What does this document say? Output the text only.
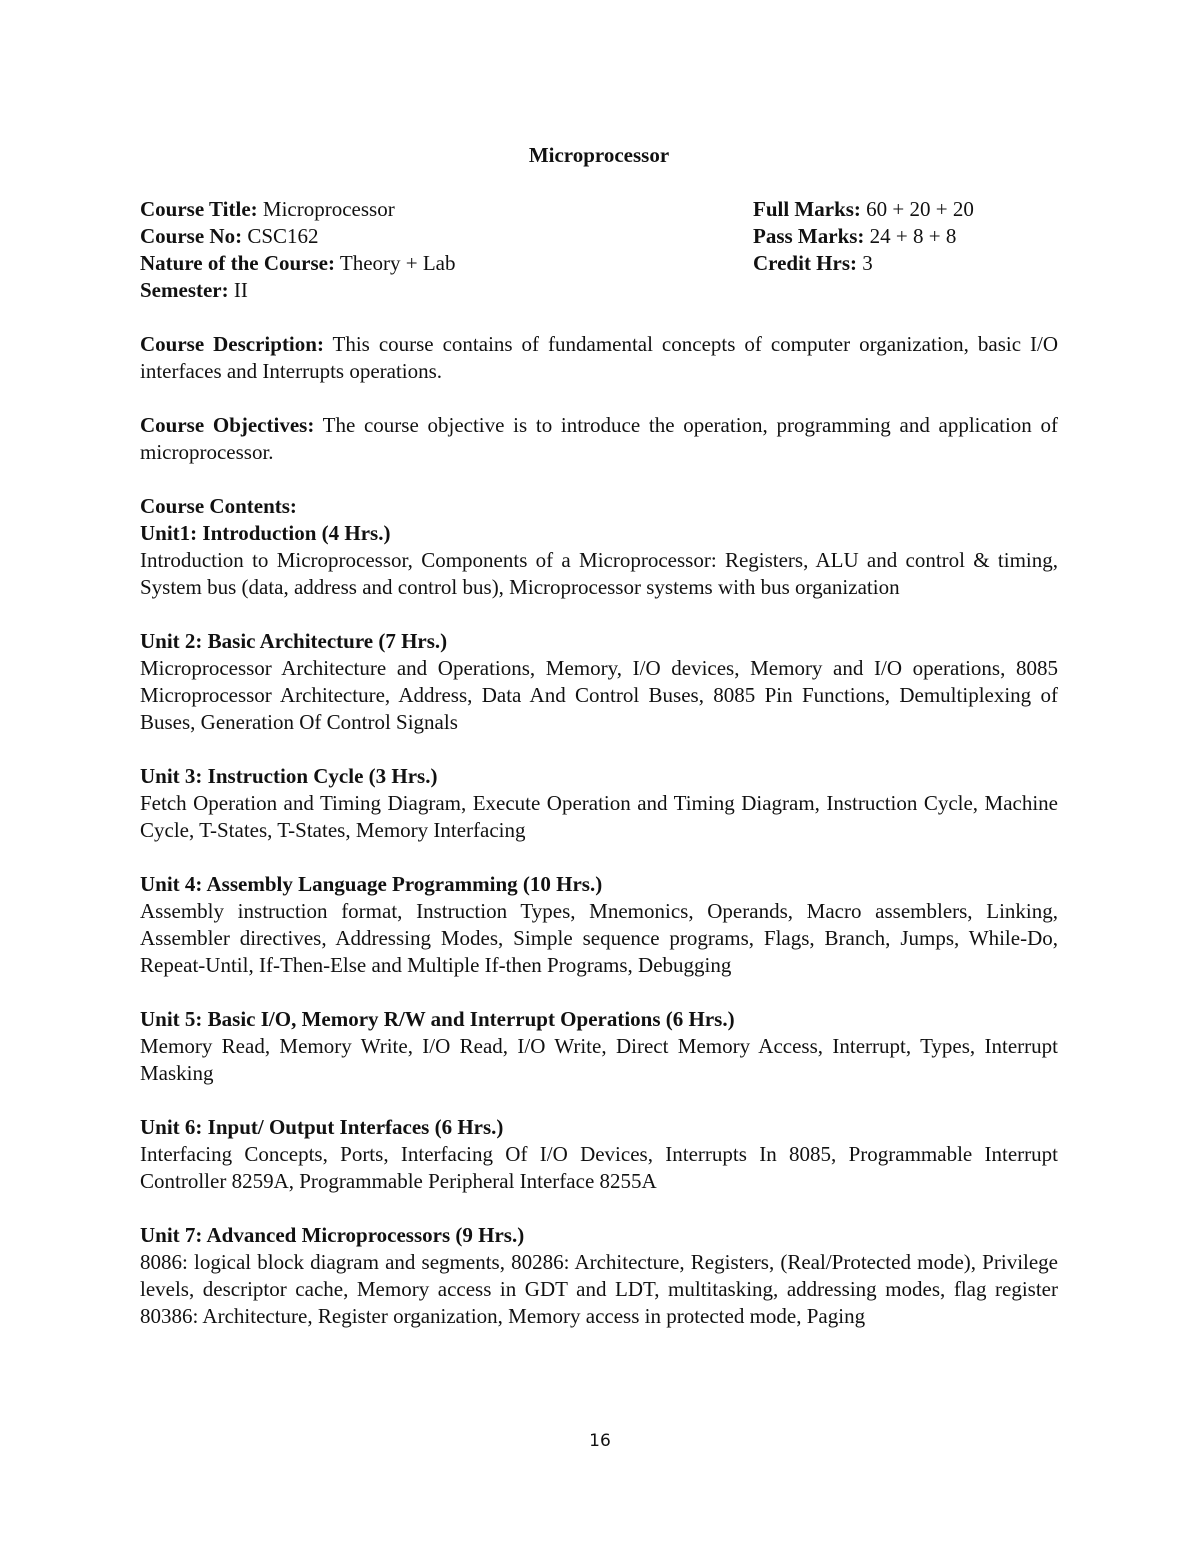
Microprocessor
Course Title: Microprocessor
Course No: CSC162
Nature of the Course: Theory + Lab
Semester: II
Full Marks: 60 + 20 + 20
Pass Marks: 24 + 8 + 8
Credit Hrs: 3
Course Description: This course contains of fundamental concepts of computer organization, basic I/O interfaces and Interrupts operations.
Course Objectives: The course objective is to introduce the operation, programming and application of microprocessor.
Course Contents:
Unit1: Introduction (4 Hrs.)
Introduction to Microprocessor, Components of a Microprocessor: Registers, ALU and control & timing, System bus (data, address and control bus), Microprocessor systems with bus organization
Unit 2: Basic Architecture (7 Hrs.)
Microprocessor Architecture and Operations, Memory, I/O devices, Memory and I/O operations, 8085 Microprocessor Architecture, Address, Data And Control Buses, 8085 Pin Functions, Demultiplexing of Buses, Generation Of Control Signals
Unit 3: Instruction Cycle (3 Hrs.)
Fetch Operation and Timing Diagram, Execute Operation and Timing Diagram, Instruction Cycle, Machine Cycle, T-States, T-States, Memory Interfacing
Unit 4: Assembly Language Programming (10 Hrs.)
Assembly instruction format, Instruction Types, Mnemonics, Operands, Macro assemblers, Linking, Assembler directives, Addressing Modes, Simple sequence programs, Flags, Branch, Jumps, While-Do, Repeat-Until, If-Then-Else and Multiple If-then Programs, Debugging
Unit 5: Basic I/O, Memory R/W and Interrupt Operations (6 Hrs.)
Memory Read, Memory Write, I/O Read, I/O Write, Direct Memory Access, Interrupt, Types, Interrupt Masking
Unit 6: Input/ Output Interfaces (6 Hrs.)
Interfacing Concepts, Ports, Interfacing Of I/O Devices, Interrupts In 8085, Programmable Interrupt Controller 8259A, Programmable Peripheral Interface 8255A
Unit 7: Advanced Microprocessors (9 Hrs.)
8086: logical block diagram and segments, 80286: Architecture, Registers, (Real/Protected mode), Privilege levels, descriptor cache, Memory access in GDT and LDT, multitasking, addressing modes, flag register 80386: Architecture, Register organization, Memory access in protected mode, Paging
16
